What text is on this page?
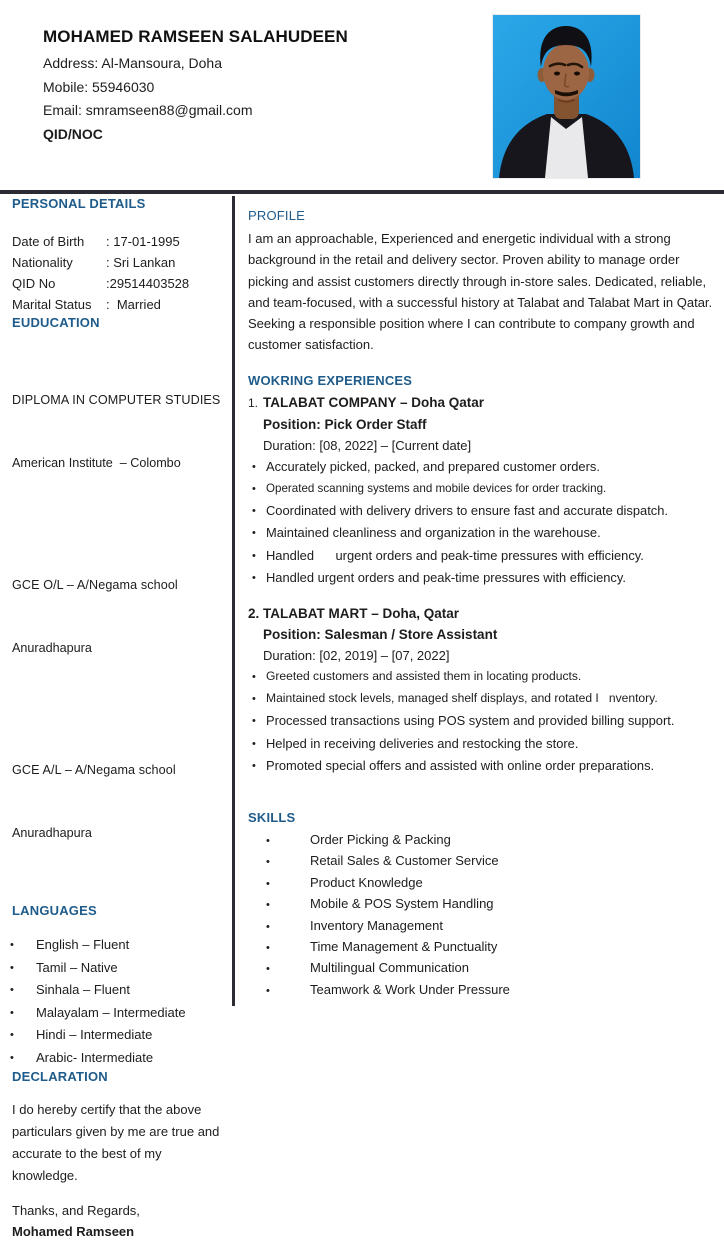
MOHAMED RAMSEEN SALAHUDEEN
Address: Al-Mansoura, Doha
Mobile: 55946030
Email: smramseen88@gmail.com
QID/NOC
PERSONAL DETAILS
Date of Birth	: 17-01-1995
Nationality	: Sri Lankan
QID No	:29514403528
Marital Status	:  Married
EUDUCATION

DIPLOMA IN COMPUTER STUDIES

American Institute  – Colombo

GCE O/L – A/Negama school

Anuradhapura

GCE A/L – A/Negama school

Anuradhapura

LANGUAGES
•	English – Fluent
•	Tamil – Native
•	Sinhala – Fluent
•	Malayalam – Intermediate
•	Hindi – Intermediate
•	Arabic- Intermediate
DECLARATION
I do hereby certify that the above particulars given by me are true and accurate to the best of my knowledge.
Thanks, and Regards,
Mohamed Ramseen
PROFILE
I am an approachable, Experienced and energetic individual with a strong background in the retail and delivery sector. Proven ability to manage order picking and assist customers directly through in-store sales. Dedicated, reliable, and team-focused, with a successful history at Talabat and Talabat Mart in Qatar. Seeking a responsible position where I can contribute to company growth and customer satisfaction.
WOKRING EXPERIENCES
1. TALABAT COMPANY – Doha Qatar
Position: Pick Order Staff
Duration: [08, 2022] – [Current date]
• Accurately picked, packed, and prepared customer orders.
• Operated scanning systems and mobile devices for order tracking.
• Coordinated with delivery drivers to ensure fast and accurate dispatch.
• Maintained cleanliness and organization in the warehouse.
• Handled      urgent orders and peak-time pressures with efficiency.
• Handled urgent orders and peak-time pressures with efficiency.
2. TALABAT MART – Doha, Qatar
Position: Salesman / Store Assistant
Duration: [02, 2019] – [07, 2022]
• Greeted customers and assisted them in locating products.
• Maintained stock levels, managed shelf displays, and rotated I   nventory.
• Processed transactions using POS system and provided billing support.
• Helped in receiving deliveries and restocking the store.
• Promoted special offers and assisted with online order preparations.
SKILLS
•	Order Picking & Packing
•	Retail Sales & Customer Service
•	Product Knowledge
•	Mobile & POS System Handling
•	Inventory Management
•	Time Management & Punctuality
•	Multilingual Communication
•	Teamwork & Work Under Pressure
